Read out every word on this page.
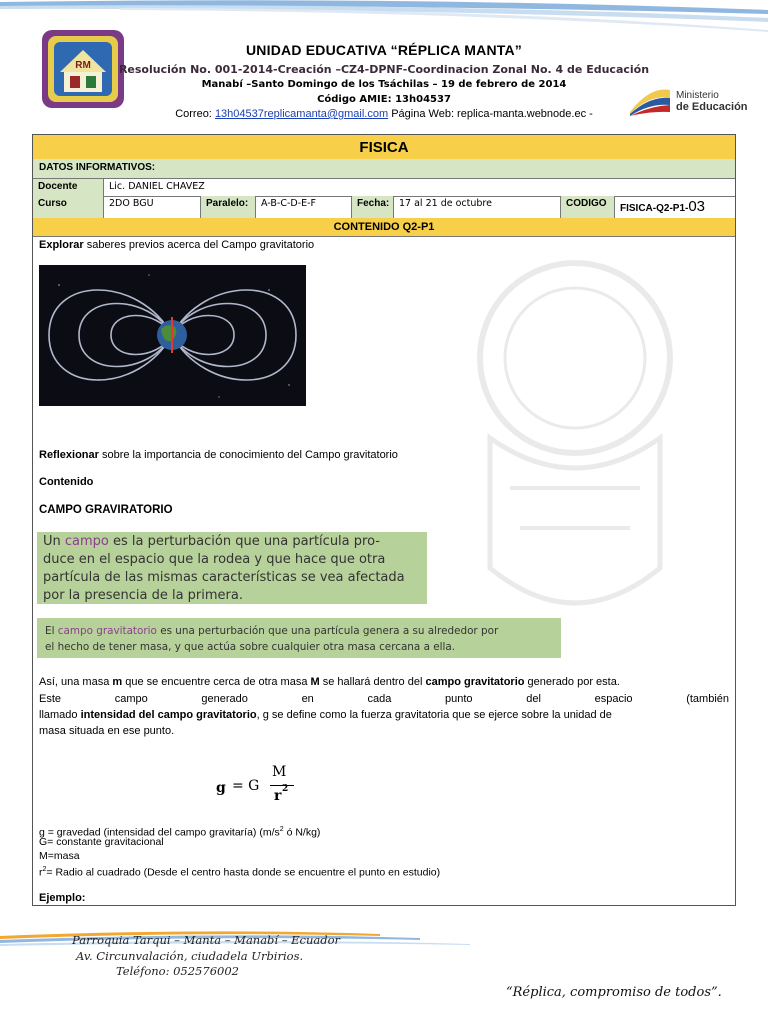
RM
UNIDAD EDUCATIVA “RÉPLICA MANTA”
Resolución No. 001-2014-Creación –CZ4-DPNF-Coordinacion Zonal No. 4 de Educación
Manabí –Santo Domingo de los Tsáchilas – 19 de febrero de 2014
Código AMIE: 13h04537
Correo: 13h04537replicamanta@gmail.com Página Web: replica-manta.webnode.ec -
Ministerio
de Educación
FISICA
DATOS INFORMATIVOS:
Docente	Lic. DANIEL CHAVEZ
Curso	2DO BGU	Paralelo:	A-B-C-D-E-F	Fecha:	17 al 21 de octubre	CODIGO	FISICA-Q2-P1-03
CONTENIDO Q2-P1
Explorar saberes previos acerca del Campo gravitatorio
Reflexionar sobre la importancia de conocimiento del Campo gravitatorio
Contenido
CAMPO GRAVIRATORIO
Un campo es la perturbación que una partícula pro-
duce en el espacio que la rodea y que hace que otra
partícula de las mismas características se vea afectada
por la presencia de la primera.
El campo gravitatorio es una perturbación que una partícula genera a su alrededor por
el hecho de tener masa, y que actúa sobre cualquier otra masa cercana a ella.
Así, una masa m que se encuentre cerca de otra masa M se hallará dentro del campo gravitatorio generado por esta.
Este campo generado en cada punto del espacio (también
llamado intensidad del campo gravitatorio, g se define como la fuerza gravitatoria que se ejerce sobre la unidad de
masa situada en ese punto.
g = G
M
r 2
g = gravedad (intensidad del campo gravitaría) ($m/s^2$ ó N/kg)
G= constante gravitacional
M=masa
$r^2=$ Radio al cuadrado (Desde el centro hasta donde se encuentre el punto en estudio)
Ejemplo:
Parroquia Tarqui – Manta – Manabí – Ecuador
Av. Circunvalación, ciudadela Urbirios.
Teléfono: 052576002
“Réplica, compromiso de todos”.
